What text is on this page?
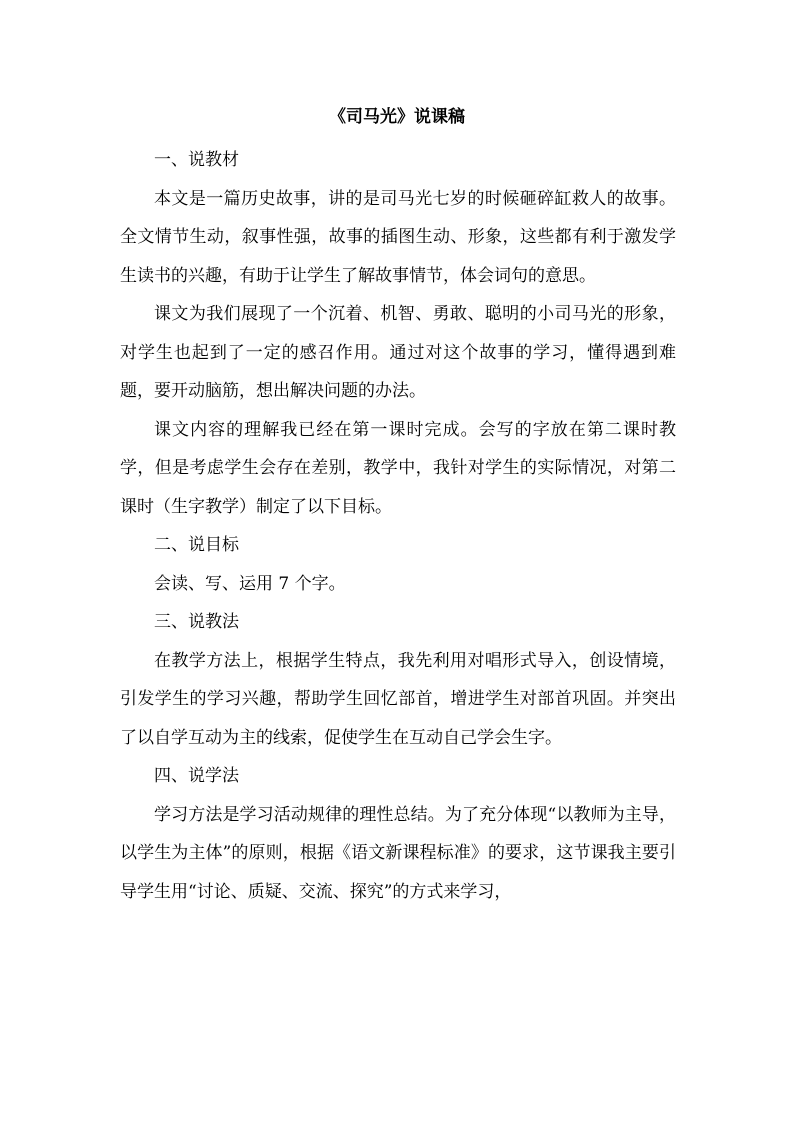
《司马光》说课稿

一、说教材

本文是一篇历史故事，讲的是司马光七岁的时候砸碎缸救人的故事。全文情节生动，叙事性强，故事的插图生动、形象，这些都有利于激发学生读书的兴趣，有助于让学生了解故事情节，体会词句的意思。

课文为我们展现了一个沉着、机智、勇敢、聪明的小司马光的形象，对学生也起到了一定的感召作用。通过对这个故事的学习，懂得遇到难题，要开动脑筋，想出解决问题的办法。

课文内容的理解我已经在第一课时完成。会写的字放在第二课时教学，但是考虑学生会存在差别，教学中，我针对学生的实际情况，对第二课时（生字教学）制定了以下目标。

二、说目标

会读、写、运用 7 个字。

三、说教法

在教学方法上，根据学生特点，我先利用对唱形式导入，创设情境，引发学生的学习兴趣，帮助学生回忆部首，增进学生对部首巩固。并突出了以自学互动为主的线索，促使学生在互动自己学会生字。

四、说学法

学习方法是学习活动规律的理性总结。为了充分体现“以教师为主导，以学生为主体”的原则，根据《语文新课程标准》的要求，这节课我主要引导学生用“讨论、质疑、交流、探究”的方式来学习，
